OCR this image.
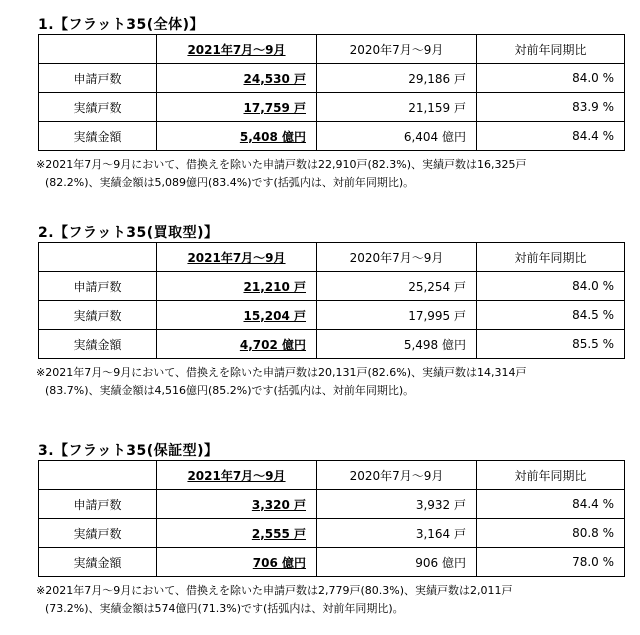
1.【フラット35(全体)】
	2021年7月～9月	2020年7月～9月	対前年同期比
申請戸数	24,530 戸	29,186 戸	84.0 %
実績戸数	17,759 戸	21,159 戸	83.9 %
実績金額	5,408 億円	6,404 億円	84.4 %
※2021年7月～9月において、借換えを除いた申請戸数は22,910戸(82.3%)、実績戸数は16,325戸
(82.2%)、実績金額は5,089億円(83.4%)です(括弧内は、対前年同期比)。
2.【フラット35(買取型)】
	2021年7月～9月	2020年7月～9月	対前年同期比
申請戸数	21,210 戸	25,254 戸	84.0 %
実績戸数	15,204 戸	17,995 戸	84.5 %
実績金額	4,702 億円	5,498 億円	85.5 %
※2021年7月～9月において、借換えを除いた申請戸数は20,131戸(82.6%)、実績戸数は14,314戸
(83.7%)、実績金額は4,516億円(85.2%)です(括弧内は、対前年同期比)。
3.【フラット35(保証型)】
	2021年7月～9月	2020年7月～9月	対前年同期比
申請戸数	3,320 戸	3,932 戸	84.4 %
実績戸数	2,555 戸	3,164 戸	80.8 %
実績金額	706 億円	906 億円	78.0 %
※2021年7月～9月において、借換えを除いた申請戸数は2,779戸(80.3%)、実績戸数は2,011戸
(73.2%)、実績金額は574億円(71.3%)です(括弧内は、対前年同期比)。
